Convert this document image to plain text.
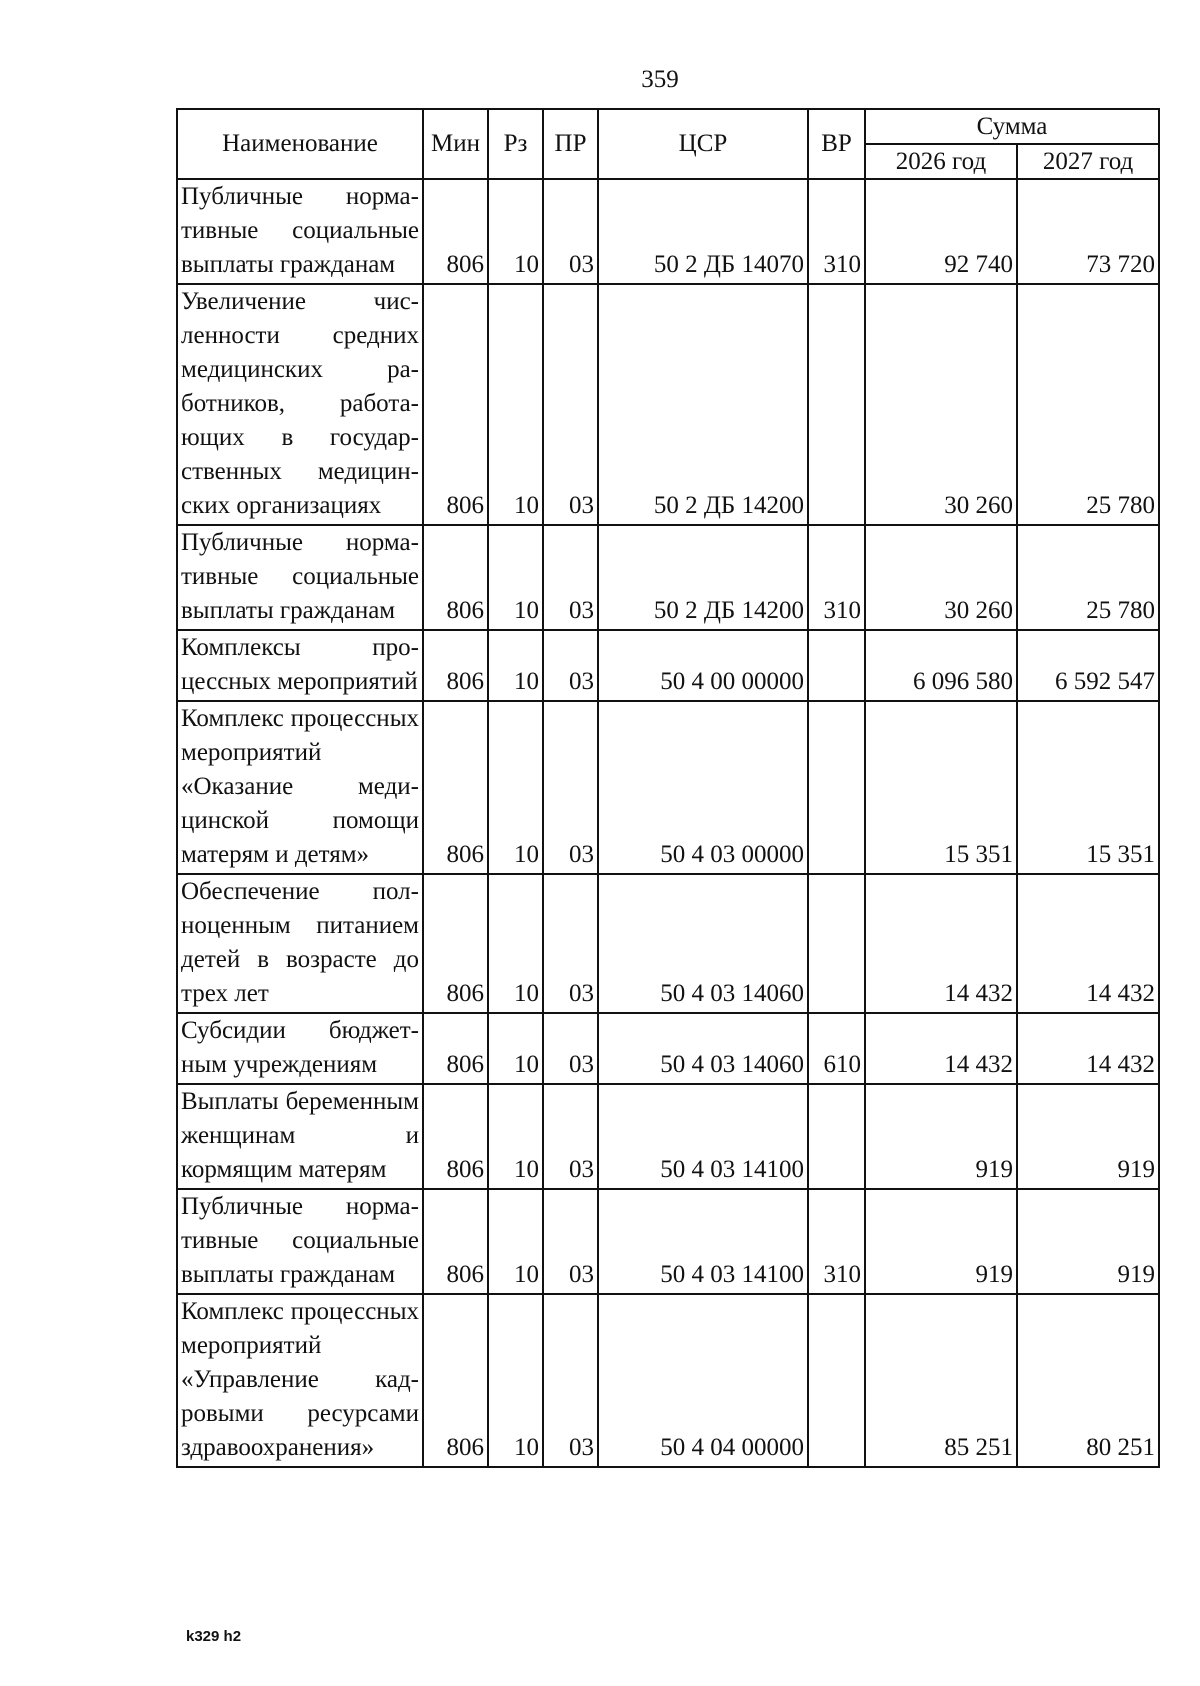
359
Наименование	Мин	Рз	ПР	ЦСР	ВР	Сумма	
						2026 год	2027 год
Публичные нормативные социальные выплаты гражданам	806	10	03	50 2 ДБ 14070	310	92 740	73 720
Увеличение численности средних медицинских работников, работающих в государственных медицинских организациях	806	10	03	50 2 ДБ 14200		30 260	25 780
Публичные нормативные социальные выплаты гражданам	806	10	03	50 2 ДБ 14200	310	30 260	25 780
Комплексы процессных мероприятий	806	10	03	50 4 00 00000		6 096 580	6 592 547
Комплекс процессных мероприятий «Оказание медицинской помощи матерям и детям»	806	10	03	50 4 03 00000		15 351	15 351
Обеспечение полноценным питанием детей в возрасте до трех лет	806	10	03	50 4 03 14060		14 432	14 432
Субсидии бюджетным учреждениям	806	10	03	50 4 03 14060	610	14 432	14 432
Выплаты беременным женщинам и кормящим матерям	806	10	03	50 4 03 14100		919	919
Публичные нормативные социальные выплаты гражданам	806	10	03	50 4 03 14100	310	919	919
Комплекс процессных мероприятий «Управление кадровыми ресурсами здравоохранения»	806	10	03	50 4 04 00000		85 251	80 251
k329 h2
